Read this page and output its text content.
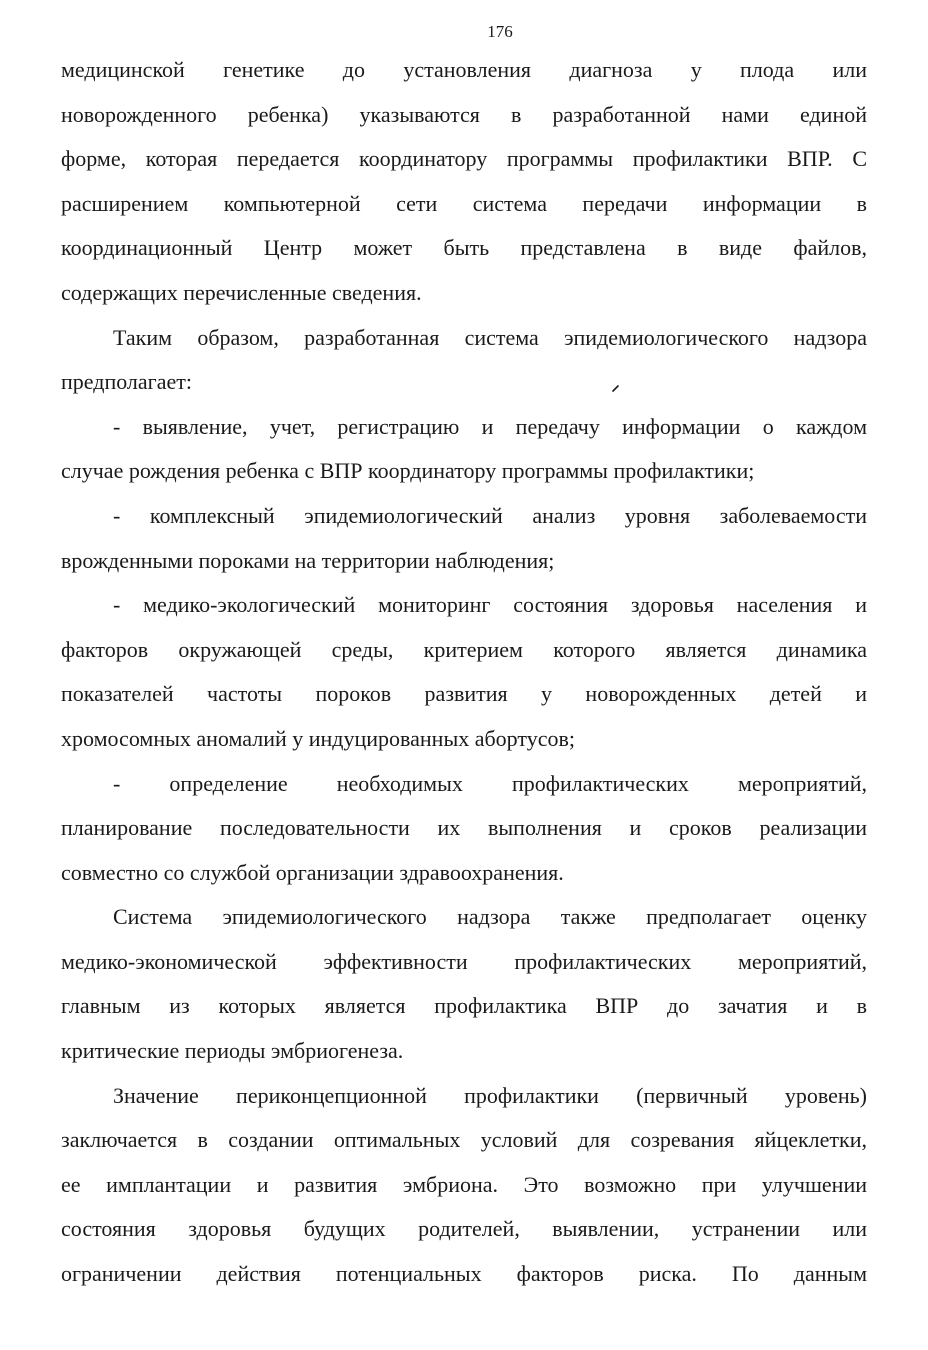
176
медицинской генетике до установления диагноза у плода или
новорожденного ребенка) указываются в разработанной нами единой
форме, которая передается координатору программы профилактики ВПР. С
расширением компьютерной сети система передачи информации в
координационный Центр может быть представлена в виде файлов,
содержащих перечисленные сведения.
Таким образом, разработанная система эпидемиологического надзора
предполагает:
- выявление, учет, регистрацию и передачу информации о каждом
случае рождения ребенка с ВПР координатору программы профилактики;
- комплексный эпидемиологический анализ уровня заболеваемости
врожденными пороками на территории наблюдения;
- медико-экологический мониторинг состояния здоровья населения и
факторов окружающей среды, критерием которого является динамика
показателей частоты пороков развития у новорожденных детей и
хромосомных аномалий у индуцированных абортусов;
- определение необходимых профилактических мероприятий,
планирование последовательности их выполнения и сроков реализации
совместно со службой организации здравоохранения.
Система эпидемиологического надзора также предполагает оценку
медико-экономической эффективности профилактических мероприятий,
главным из которых является профилактика ВПР до зачатия и в
критические периоды эмбриогенеза.
Значение периконцепционной профилактики (первичный уровень)
заключается в создании оптимальных условий для созревания яйцеклетки,
ее имплантации и развития эмбриона. Это возможно при улучшении
состояния здоровья будущих родителей, выявлении, устранении или
ограничении действия потенциальных факторов риска. По данным
